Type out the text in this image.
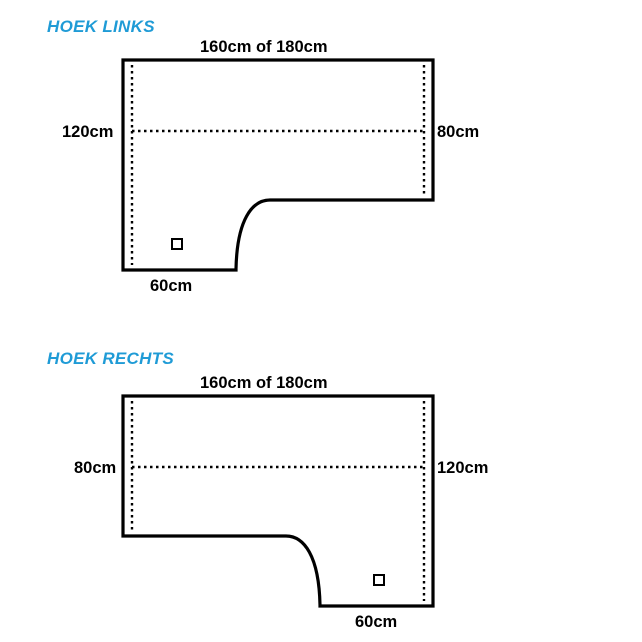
HOEK LINKS
160cm of 180cm
120cm	80cm
60cm
HOEK RECHTS
160cm of 180cm
80cm	120cm
60cm
